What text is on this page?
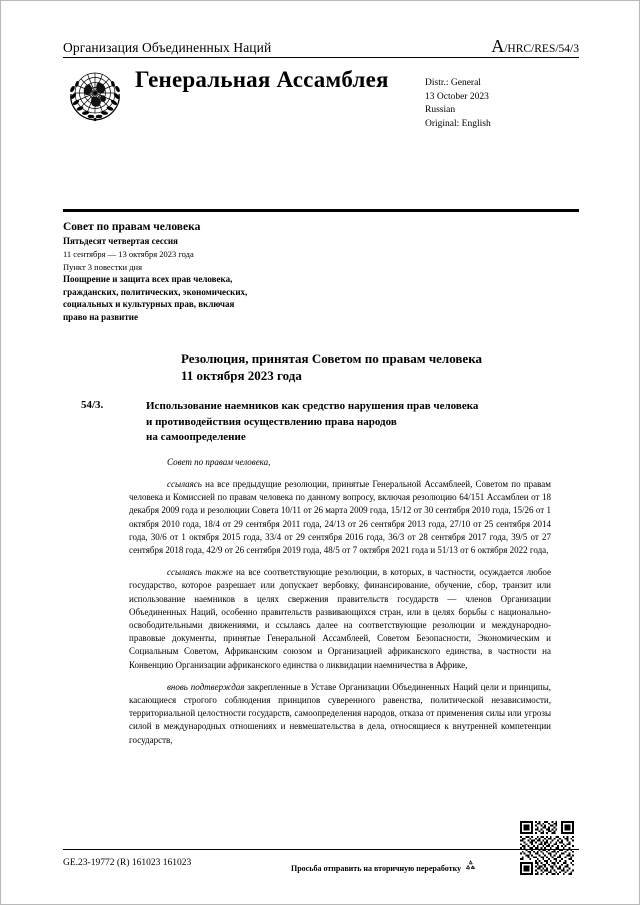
Организация Объединенных Наций	A/HRC/RES/54/3
Генеральная Ассамблея	Distr.: General
13 October 2023
Russian
Original: English
Совет по правам человека
Пятьдесят четвертая сессия
11 сентября — 13 октября 2023 года
Пункт 3 повестки дня
Поощрение и защита всех прав человека,
гражданских, политических, экономических,
социальных и культурных прав, включая
право на развитие
Резолюция, принятая Советом по правам человека
11 октября 2023 года
54/3.	Использование наемников как средство нарушения прав человека
и противодействия осуществлению права народов
на самоопределение
Совет по правам человека,

ссылаясь на все предыдущие резолюции, принятые Генеральной Ассамблеей, Советом по правам человека и Комиссией по правам человека по данному вопросу, включая резолюцию 64/151 Ассамблеи от 18 декабря 2009 года и резолюции Совета 10/11 от 26 марта 2009 года, 15/12 от 30 сентября 2010 года, 15/26 от 1 октября 2010 года, 18/4 от 29 сентября 2011 года, 24/13 от 26 сентября 2013 года, 27/10 от 25 сентября 2014 года, 30/6 от 1 октября 2015 года, 33/4 от 29 сентября 2016 года, 36/3 от 28 сентября 2017 года, 39/5 от 27 сентября 2018 года, 42/9 от 26 сентября 2019 года, 48/5 от 7 октября 2021 года и 51/13 от 6 октября 2022 года,

ссылаясь также на все соответствующие резолюции, в которых, в частности, осуждается любое государство, которое разрешает или допускает вербовку, финансирование, обучение, сбор, транзит или использование наемников в целях свержения правительств государств — членов Организации Объединенных Наций, особенно правительств развивающихся стран, или в целях борьбы с национально-освободительными движениями, и ссылаясь далее на соответствующие резолюции и международно-правовые документы, принятые Генеральной Ассамблеей, Советом Безопасности, Экономическим и Социальным Советом, Африканским союзом и Организацией африканского единства, в частности на Конвенцию Организации африканского единства о ликвидации наемничества в Африке,

вновь подтверждая закрепленные в Уставе Организации Объединенных Наций цели и принципы, касающиеся строгого соблюдения принципов суверенного равенства, политической независимости, территориальной целостности государств, самоопределения народов, отказа от применения силы или угрозы силой в международных отношениях и невмешательства в дела, относящиеся к внутренней компетенции государств,

GE.23-19772 (R) 161023 161023	Просьба отправить на вторичную переработку
